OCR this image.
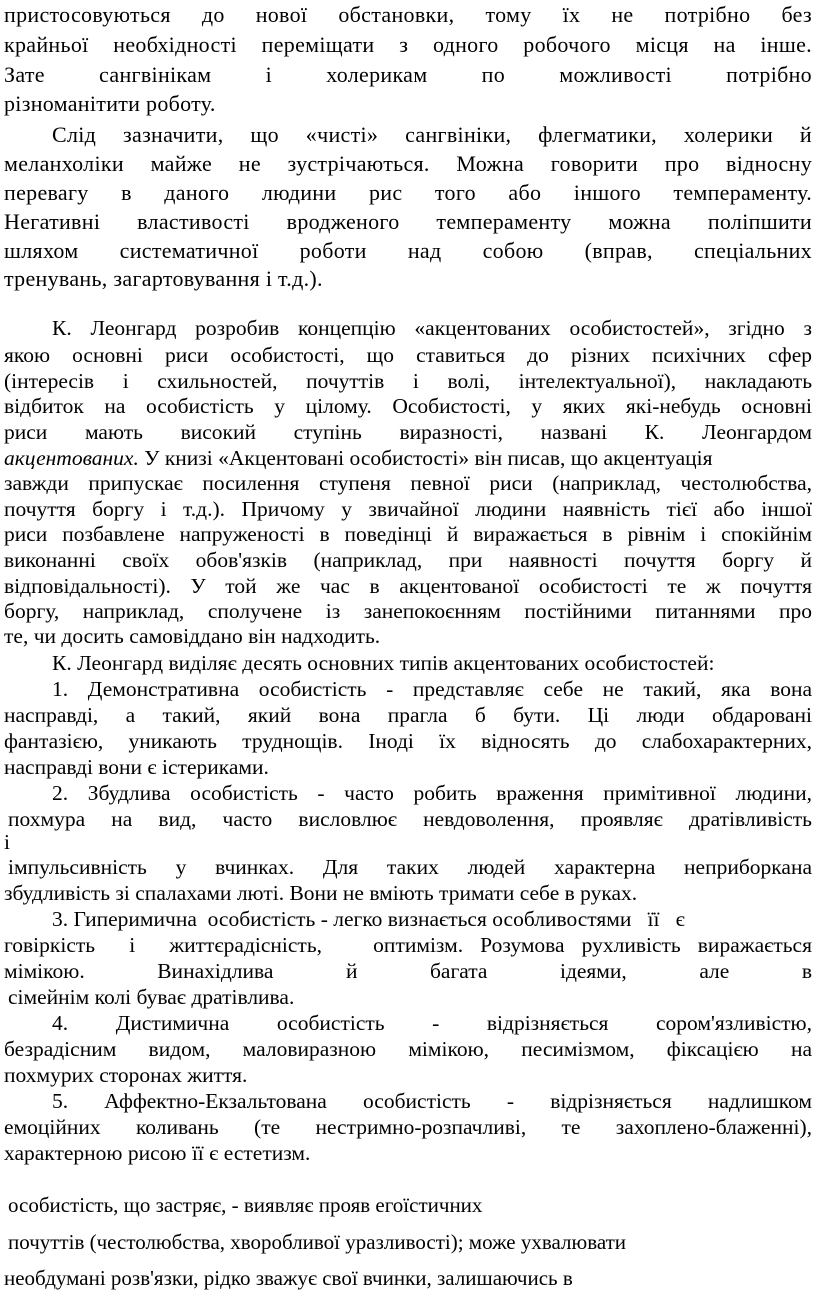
пристосовуються до нової обстановки, тому їх не потрібно без

крайньої необхідності переміщати з одного робочого місця на інше.

Зате сангвінікам і холерикам по можливості потрібно

різноманітити роботу.

Слід зазначити, що «чисті» сангвініки, флегматики, холерики й

меланхоліки майже не зустрічаються. Можна говорити про відносну

перевагу в даного людини рис того або іншого темпераменту.

Негативні властивості вродженого темпераменту можна поліпшити

шляхом систематичної роботи над собою (вправ, спеціальних

тренувань, загартовування і т.д.).

К. Леонгард розробив концепцію «акцентованих особистостей», згідно з

якою основні риси особистості, що ставиться до різних психічних сфер

(інтересів і схильностей, почуттів і волі, інтелектуальної), накладають

відбиток на особистість у цілому. Особистості, у яких які-небудь основні

риси мають високий ступінь виразності, названі К. Леонгардом

акцентованих. У книзі «Акцентовані особистості» він писав, що акцентуація

завжди припускає посилення ступеня певної риси (наприклад, честолюбства,

почуття боргу і т.д.). Причому у звичайної людини наявність тієї або іншої

риси позбавлене напруженості в поведінці й виражається в рівнім і спокійнім

виконанні своїх обов'язків (наприклад, при наявності почуття боргу й

відповідальності). У той же час в акцентованої особистості те ж почуття

боргу, наприклад, сполучене із занепокоєнням постійними питаннями про

те, чи досить самовіддано він надходить.

К. Леонгард виділяє десять основних типів акцентованих особистостей:

1. Демонстративна особистість - представляє себе не такий, яка вона

насправді, а такий, який вона прагла б бути. Ці люди обдаровані

фантазією, уникають труднощів. Іноді їх відносять до слабохарактерних,

насправді вони є істериками.

2. Збудлива особистість - часто робить враження примітивної людини,

похмура на вид, часто висловлює невдоволення, проявляє дратівливість

і

імпульсивність у вчинках. Для таких людей характерна неприборкана

збудливість зі спалахами люті. Вони не вміють тримати себе в руках.

3. Гиперимична  особистість - легко визнається особливостями   її   є

говіркість  і  життєрадісність,   оптимізм. Розумова рухливість виражається

мімікою. Винахідлива й багата ідеями, але в

сімейнім колі буває дратівлива.

4. Дистимична особистість - відрізняється сором'язливістю,

безрадісним видом, маловиразною мімікою, песимізмом, фіксацією на

похмурих сторонах життя.

5. Аффектно-Екзальтована особистість - відрізняється надлишком

емоційних коливань (те нестримно-розпачливі, те захоплено-блаженні),

характерною рисою її є естетизм.

особистість, що застряє, - виявляє прояв егоїстичних

почуттів (честолюбства, хворобливої уразливості); може ухвалювати

необдумані розв'язки, рідко зважує свої вчинки, залишаючись в
